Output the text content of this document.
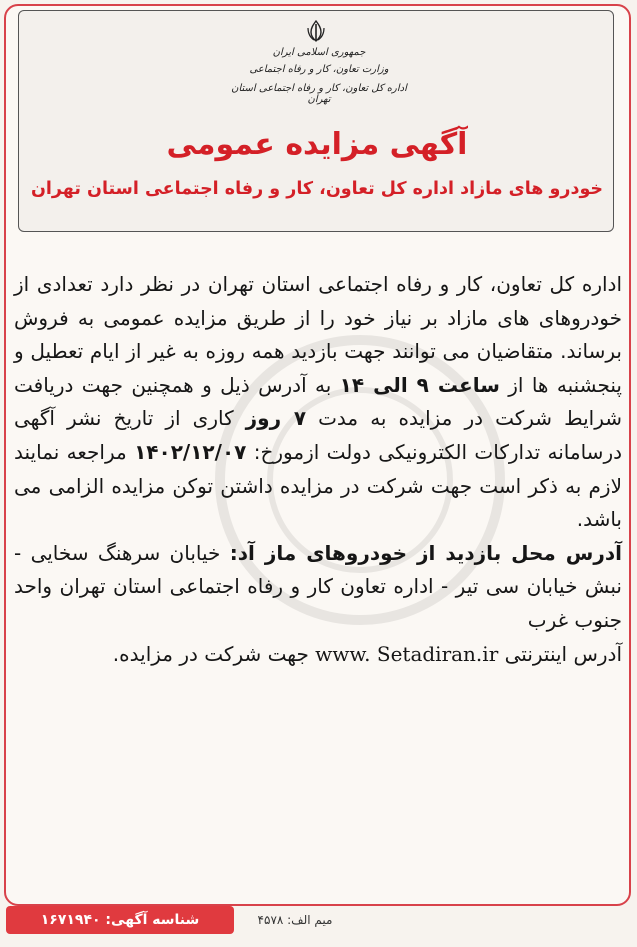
جمهوری اسلامی ایران
وزارت تعاون، کار و رفاه اجتماعی
اداره کل تعاون، کار و رفاه اجتماعی استان تهران
آگهی مزایده عمومی
خودرو های مازاد اداره کل تعاون، کار و رفاه اجتماعی استان تهران

اداره کل تعاون، کار و رفاه اجتماعی استان تهران در نظر دارد تعدادی از خودروهای های مازاد بر نیاز خود را از طریق مزایده عمومی به فروش برساند. متقاضیان می توانند جهت بازدید همه روزه به غیر از ایام تعطیل و پنجشنبه ها از ساعت ۹ الی ۱۴ به آدرس ذیل و همچنین جهت دریافت شرایط شرکت در مزایده به مدت ۷ روز کاری از تاریخ نشر آگهی درسامانه تدارکات الکترونیکی دولت ازمورخ: ۱۴۰۲/۱۲/۰۷ مراجعه نمایند لازم به ذکر است جهت شرکت در مزایده داشتن توکن مزایده الزامی می باشد.

آدرس محل بازدید از خودروهای ماز آد: خیابان سرهنگ سخایی - نبش خیابان سی تیر - اداره تعاون کار و رفاه اجتماعی استان تهران واحد جنوب غرب

آدرس اینترنتی www. Setadiran.ir جهت شرکت در مزایده.

شناسه آگهی: ۱۶۷۱۹۴۰	میم الف: ۴۵۷۸
